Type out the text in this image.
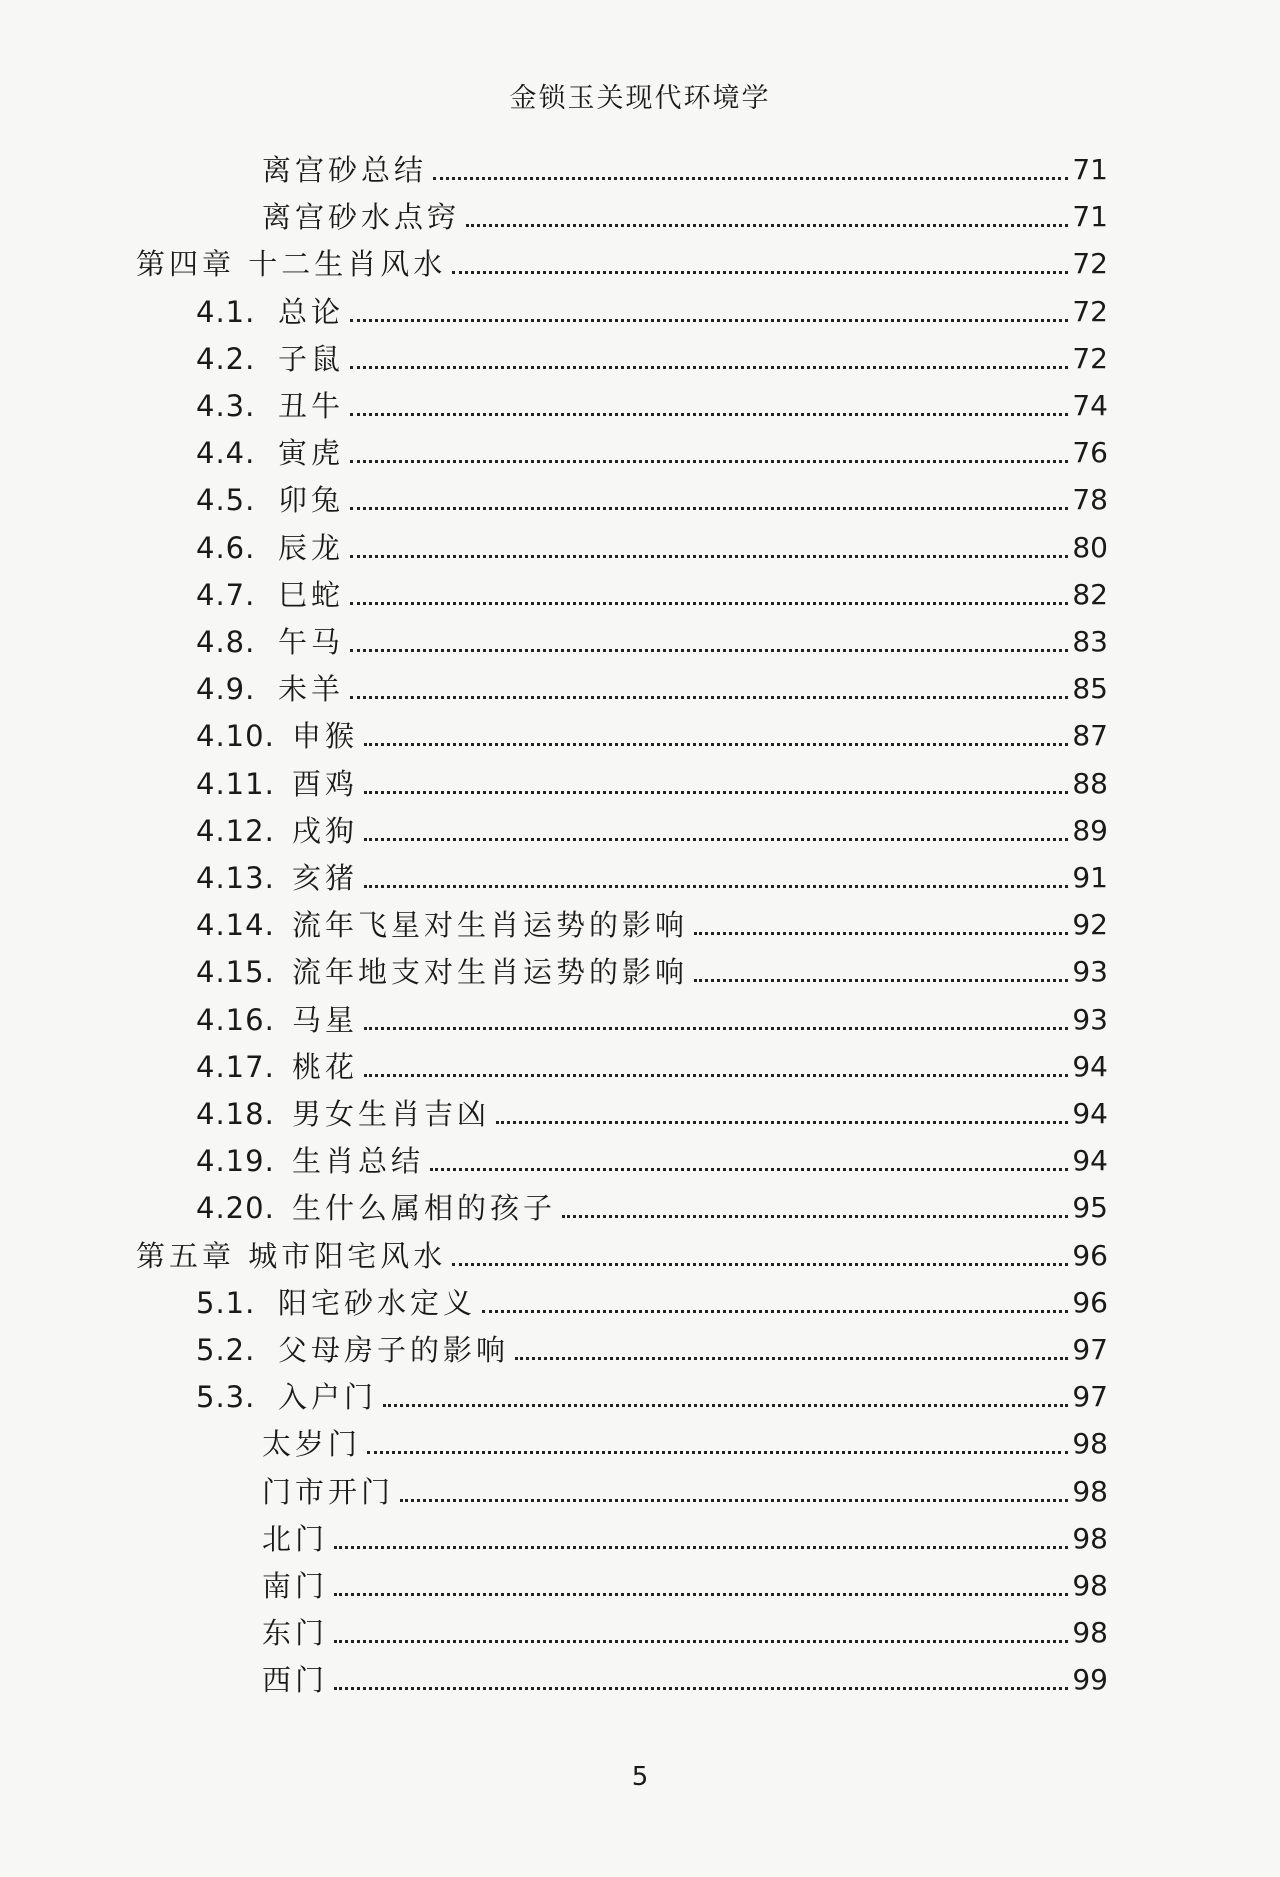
金锁玉关现代环境学
离宫砂总结	71
离宫砂水点窍	71
第四章 十二生肖风水	72
4.1. 总论	72
4.2. 子鼠	72
4.3. 丑牛	74
4.4. 寅虎	76
4.5. 卯兔	78
4.6. 辰龙	80
4.7. 巳蛇	82
4.8. 午马	83
4.9. 未羊	85
4.10. 申猴	87
4.11. 酉鸡	88
4.12. 戌狗	89
4.13. 亥猪	91
4.14. 流年飞星对生肖运势的影响	92
4.15. 流年地支对生肖运势的影响	93
4.16. 马星	93
4.17. 桃花	94
4.18. 男女生肖吉凶	94
4.19. 生肖总结	94
4.20. 生什么属相的孩子	95
第五章 城市阳宅风水	96
5.1. 阳宅砂水定义	96
5.2. 父母房子的影响	97
5.3. 入户门	97
太岁门	98
门市开门	98
北门	98
南门	98
东门	98
西门	99
5
